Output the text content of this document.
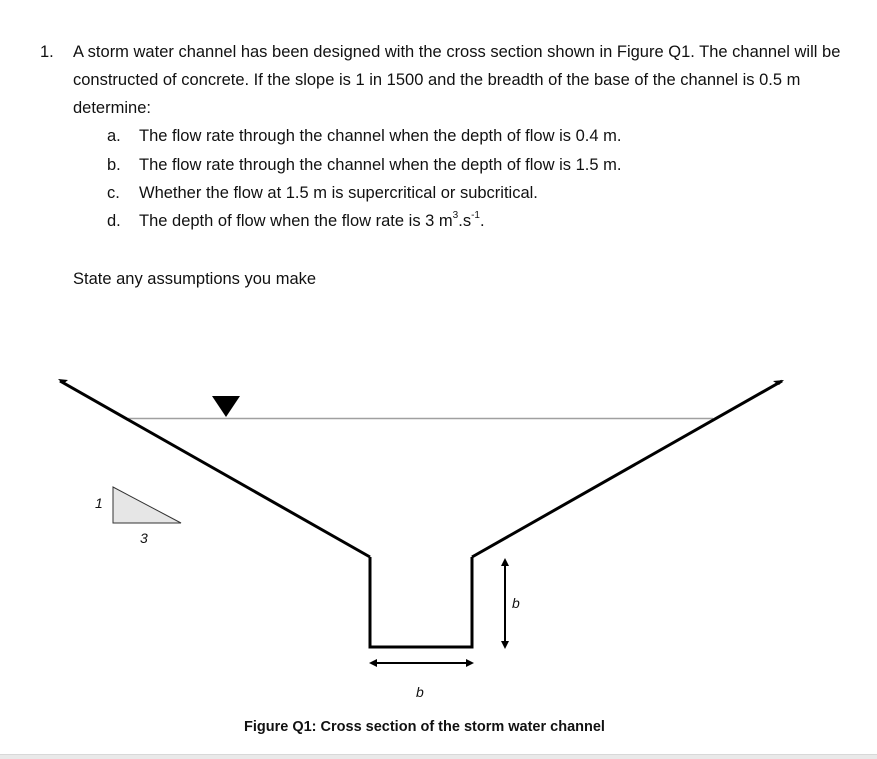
1. A storm water channel has been designed with the cross section shown in Figure Q1. The channel will be constructed of concrete. If the slope is 1 in 1500 and the breadth of the base of the channel is 0.5 m determine:
a. The flow rate through the channel when the depth of flow is 0.4 m.
b. The flow rate through the channel when the depth of flow is 1.5 m.
c. Whether the flow at 1.5 m is supercritical or subcritical.
d. The depth of flow when the flow rate is 3 $m^3.s^{-1}$.
State any assumptions you make
1
3
b
b
Figure Q1: Cross section of the storm water channel
